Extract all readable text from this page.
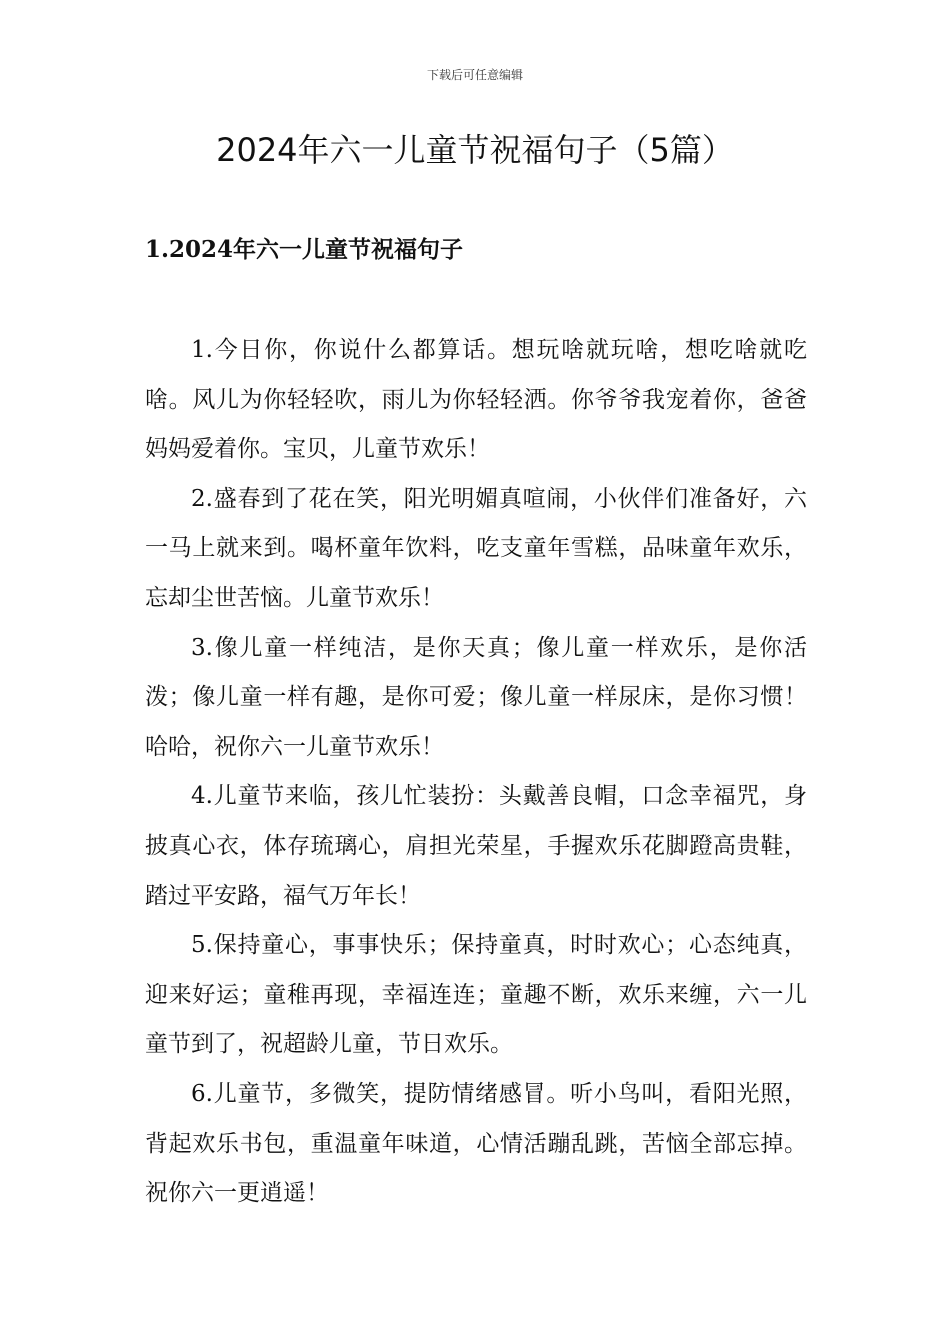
下载后可任意编辑
2024年六一儿童节祝福句子（5篇）
1.2024年六一儿童节祝福句子

1.今日你，你说什么都算话。想玩啥就玩啥，想吃啥就吃啥。风儿为你轻轻吹，雨儿为你轻轻洒。你爷爷我宠着你，爸爸妈妈爱着你。宝贝，儿童节欢乐！

2.盛春到了花在笑，阳光明媚真喧闹，小伙伴们准备好，六一马上就来到。喝杯童年饮料，吃支童年雪糕，品味童年欢乐，忘却尘世苦恼。儿童节欢乐！

3.像儿童一样纯洁，是你天真；像儿童一样欢乐，是你活泼；像儿童一样有趣，是你可爱；像儿童一样尿床，是你习惯！哈哈，祝你六一儿童节欢乐！

4.儿童节来临，孩儿忙装扮：头戴善良帽，口念幸福咒，身披真心衣，体存琉璃心，肩担光荣星，手握欢乐花脚蹬高贵鞋，踏过平安路，福气万年长！

5.保持童心，事事快乐；保持童真，时时欢心；心态纯真，迎来好运；童稚再现，幸福连连；童趣不断，欢乐来缠，六一儿童节到了，祝超龄儿童，节日欢乐。

6.儿童节，多微笑，提防情绪感冒。听小鸟叫，看阳光照，背起欢乐书包，重温童年味道，心情活蹦乱跳，苦恼全部忘掉。祝你六一更逍遥！
